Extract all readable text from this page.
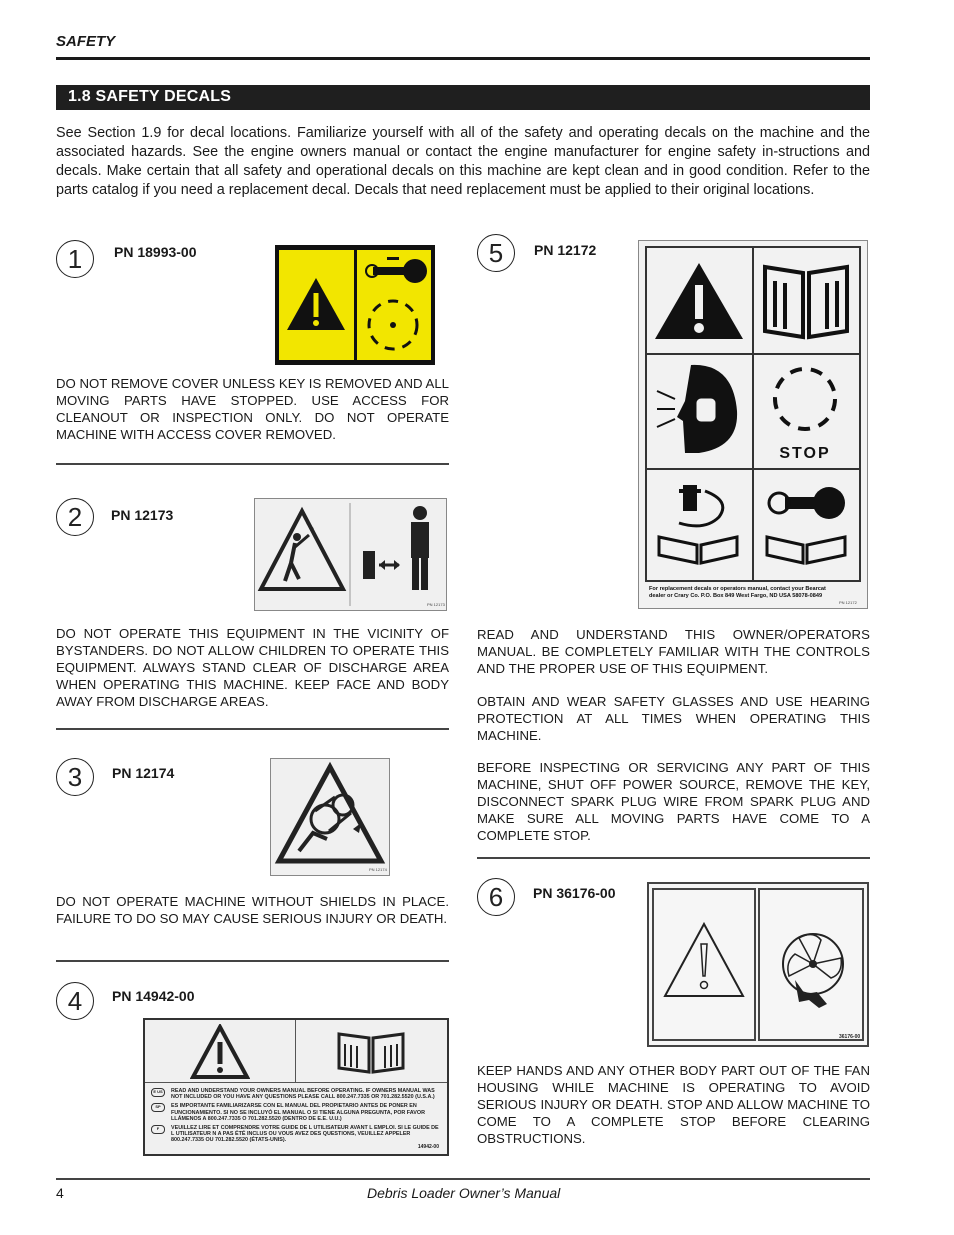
SAFETY
1.8 SAFETY DECALS
See Section 1.9 for decal locations. Familiarize yourself with all of the safety and operating decals on the machine and the associated hazards. See the engine owners manual or contact the engine manufacturer for engine safety in-structions and decals. Make certain that all safety and operational decals on this machine are kept clean and in good condition. Refer to the parts catalog if you need a replacement decal. Decals that need replacement must be applied to their original locations.
1	PN 18993-00
DO NOT REMOVE COVER UNLESS KEY IS REMOVED AND ALL MOVING PARTS HAVE STOPPED. USE ACCESS FOR CLEANOUT OR INSPECTION ONLY. DO NOT OPERATE MACHINE WITH ACCESS COVER REMOVED.
2	PN 12173
PN 12173
DO NOT OPERATE THIS EQUIPMENT IN THE VICINITY OF BYSTANDERS. DO NOT ALLOW CHILDREN TO OPERATE THIS EQUIPMENT. ALWAYS STAND CLEAR OF DISCHARGE AREA WHEN OPERATING THIS MACHINE. KEEP FACE AND BODY AWAY FROM DISCHARGE AREAS.
3	PN 12174
PN 12174
DO NOT OPERATE MACHINE WITHOUT SHIELDS IN PLACE. FAILURE TO DO SO MAY CAUSE SERIOUS INJURY OR DEATH.
4	PN 14942-00
E US	READ AND UNDERSTAND YOUR OWNERS MANUAL BEFORE OPERATING. IF OWNERS MANUAL WAS NOT INCLUDED OR YOU HAVE ANY QUESTIONS PLEASE CALL 800.247.7335 OR 701.282.5520 (U.S.A.)
SP	ES IMPORTANTE FAMILIARIZARSE CON EL MANUAL DEL PROPIETARIO ANTES DE PONER EN FUNCIONAMIENTO. SI NO SE INCLUYÓ EL MANUAL O SI TIENE ALGUNA PREGUNTA, POR FAVOR LLÁMENOS A 800.247.7335 O 701.282.5520 (DENTRO DE E.E. U.U.)
F	VEUILLEZ LIRE ET COMPRENDRE VOTRE GUIDE DE L UTILISATEUR AVANT L EMPLOI. SI LE GUIDE DE L UTILISATEUR N A PAS ÉTÉ INCLUS OU VOUS AVEZ DES QUESTIONS, VEUILLEZ APPELER 800.247.7335 OU 701.282.5520 (ÉTATS-UNIS).
14942-00
5	PN 12172
STOP
For replacement decals or operators manual, contact your Bearcat
dealer or Crary Co. P.O. Box 849 West Fargo, ND USA 58078-0849
PN 12172
READ AND UNDERSTAND THIS OWNER/OPERATORS MANUAL. BE COMPLETELY FAMILIAR WITH THE CONTROLS AND THE PROPER USE OF THIS EQUIPMENT.
OBTAIN AND WEAR SAFETY GLASSES AND USE HEARING PROTECTION AT ALL TIMES WHEN OPERATING THIS MACHINE.
BEFORE INSPECTING OR SERVICING ANY PART OF THIS MACHINE, SHUT OFF POWER SOURCE, REMOVE THE KEY, DISCONNECT SPARK PLUG WIRE FROM SPARK PLUG AND MAKE SURE ALL MOVING PARTS HAVE COME TO A COMPLETE STOP.
6	PN 36176-00
36176-00
KEEP HANDS AND ANY OTHER BODY PART OUT OF THE FAN HOUSING WHILE MACHINE IS OPERATING TO AVOID SERIOUS INJURY OR DEATH. STOP AND ALLOW MACHINE TO COME TO A COMPLETE STOP BEFORE CLEARING OBSTRUCTIONS.
4	Debris Loader Owner’s Manual
